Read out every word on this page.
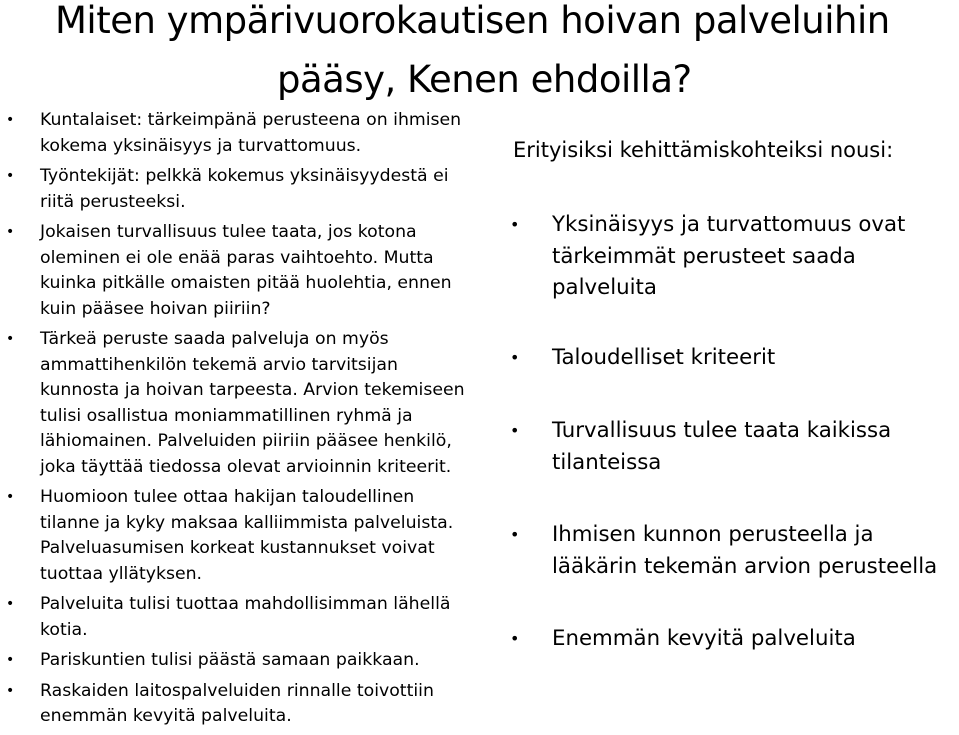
Miten ympärivuorokautisen hoivan palveluihin
pääsy, Kenen ehdoilla?
• Kuntalaiset: tärkeimpänä perusteena on ihmisen kokema yksinäisyys ja turvattomuus.
• Työntekijät: pelkkä kokemus yksinäisyydestä ei riitä perusteeksi.
• Jokaisen turvallisuus tulee taata, jos kotona oleminen ei ole enää paras vaihtoehto. Mutta kuinka pitkälle omaisten pitää huolehtia, ennen kuin pääsee hoivan piiriin?
• Tärkeä peruste saada palveluja on myös ammattihenkilön tekemä arvio tarvitsijan kunnosta ja hoivan tarpeesta. Arvion tekemiseen tulisi osallistua moniammatillinen ryhmä ja lähiomainen. Palveluiden piiriin pääsee henkilö, joka täyttää tiedossa olevat arvioinnin kriteerit.
• Huomioon tulee ottaa hakijan taloudellinen tilanne ja kyky maksaa kalliimmista palveluista. Palveluasumisen korkeat kustannukset voivat tuottaa yllätyksen.
• Palveluita tulisi tuottaa mahdollisimman lähellä kotia.
• Pariskuntien tulisi päästä samaan paikkaan.
• Raskaiden laitospalveluiden rinnalle toivottiin enemmän kevyitä palveluita.
Erityisiksi kehittämiskohteiksi nousi:
• Yksinäisyys ja turvattomuus ovat tärkeimmät perusteet saada palveluita
• Taloudelliset kriteerit
• Turvallisuus tulee taata kaikissa tilanteissa
• Ihmisen kunnon perusteella ja lääkärin tekemän arvion perusteella
• Enemmän kevyitä palveluita
